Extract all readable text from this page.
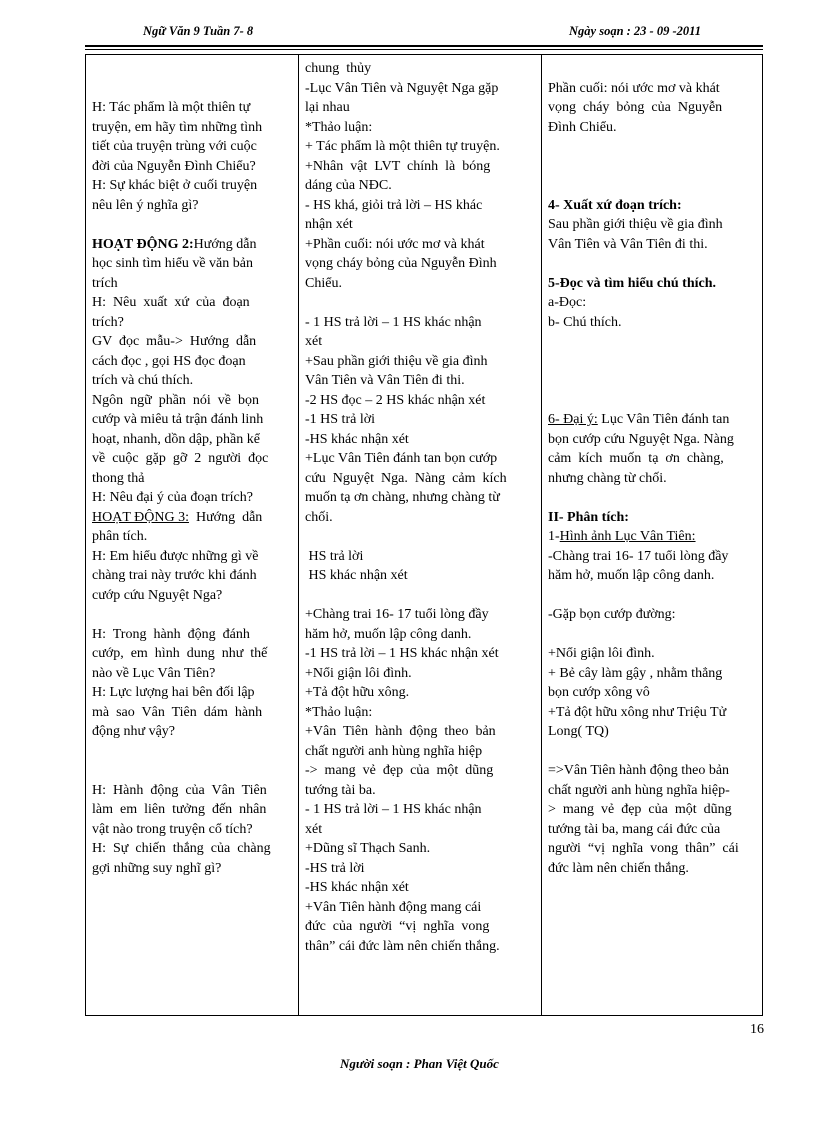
Ngữ Văn 9 Tuần 7- 8	Ngày soạn : 23 - 09 -2011
H: Tác phẩm là một thiên tự
truyện, em hãy tìm những tình
tiết của truyện trùng với cuộc
đời của Nguyễn Đình Chiểu?
H: Sự khác biệt ở cuối truyện
nêu lên ý nghĩa gì?
HOẠT ĐỘNG 2:Hướng dẫn
học sinh tìm hiểu về văn bản
trích
H:  Nêu  xuất  xứ  của  đoạn
trích?
GV  đọc  mẫu->  Hướng  dẫn
cách đọc , gọi HS đọc đoạn
trích và chú thích.
Ngôn  ngữ  phần  nói  về  bọn
cướp và miêu tả trận đánh linh
hoạt, nhanh, dồn dập, phần kể
về  cuộc  gặp  gỡ  2  người  đọc
thong thả
H: Nêu đại ý của đoạn trích?
HOẠT ĐỘNG 3:  Hướng  dẫn
phân tích.
H: Em hiểu được những gì về
chàng trai này trước khi đánh
cướp cứu Nguyệt Nga?
H:  Trong  hành  động  đánh
cướp,  em  hình  dung  như  thế
nào về Lục Vân Tiên?
H: Lực lượng hai bên đối lập
mà  sao  Vân  Tiên  dám  hành
động như vậy?
H:  Hành  động  của  Vân  Tiên
làm  em  liên  tưởng  đến  nhân
vật nào trong truyện cổ tích?
H:  Sự  chiến  thắng  của  chàng
gợi những suy nghĩ gì?

chung  thủy
-Lục Vân Tiên và Nguyệt Nga gặp
lại nhau
*Thảo luận:
+ Tác phẩm là một thiên tự truyện.
+Nhân  vật  LVT  chính  là  bóng
dáng của NĐC.
- HS khá, giỏi trả lời – HS khác
nhận xét
+Phần cuối: nói ước mơ và khát
vọng cháy bỏng của Nguyễn Đình
Chiểu.
- 1 HS trả lời – 1 HS khác nhận
xét
+Sau phần giới thiệu về gia đình
Vân Tiên và Vân Tiên đi thi.
-2 HS đọc – 2 HS khác nhận xét
-1 HS trả lời
-HS khác nhận xét
+Lục Vân Tiên đánh tan bọn cướp
cứu  Nguyệt  Nga.  Nàng  cảm  kích
muốn tạ ơn chàng, nhưng chàng từ
chối.
HS trả lời
HS khác nhận xét
+Chàng trai 16- 17 tuổi lòng đầy
hăm hở, muốn lập công danh.
-1 HS trả lời – 1 HS khác nhận xét
+Nổi giận lôi đình.
+Tả đột hữu xông.
*Thảo luận:
+Vân  Tiên  hành  động  theo  bản
chất người anh hùng nghĩa hiệp
->  mang  vẻ  đẹp  của  một  dũng
tướng tài ba.
- 1 HS trả lời – 1 HS khác nhận
xét
+Dũng sĩ Thạch Sanh.
-HS trả lời
-HS khác nhận xét
+Vân Tiên hành động mang cái
đức  của  người  “vị  nghĩa  vong
thân” cái đức làm nên chiến thắng.

Phần cuối: nói ước mơ và khát
vọng  cháy  bỏng  của  Nguyễn
Đình Chiểu.
4- Xuất xứ đoạn trích:
Sau phần giới thiệu về gia đình
Vân Tiên và Vân Tiên đi thi.
5-Đọc và tìm hiểu chú thích.
a-Đọc:
b- Chú thích.
6- Đại ý: Lục Vân Tiên đánh tan
bọn cướp cứu Nguyệt Nga. Nàng
cảm  kích  muốn  tạ  ơn  chàng,
nhưng chàng từ chối.
II- Phân tích:
1-Hình ảnh Lục Vân Tiên:
-Chàng trai 16- 17 tuổi lòng đầy
hăm hở, muốn lập công danh.
-Gặp bọn cướp đường:
+Nổi giận lôi đình.
+ Bẻ cây làm gậy , nhằm thẳng
bọn cướp xông vô
+Tả đột hữu xông như Triệu Tử
Long( TQ)
=>Vân Tiên hành động theo bản
chất người anh hùng nghĩa hiệp-
>  mang  vẻ  đẹp  của  một  dũng
tướng tài ba, mang cái đức của
người  “vị  nghĩa  vong  thân”  cái
đức làm nên chiến thắng.
16
Người soạn : Phan Việt Quốc
